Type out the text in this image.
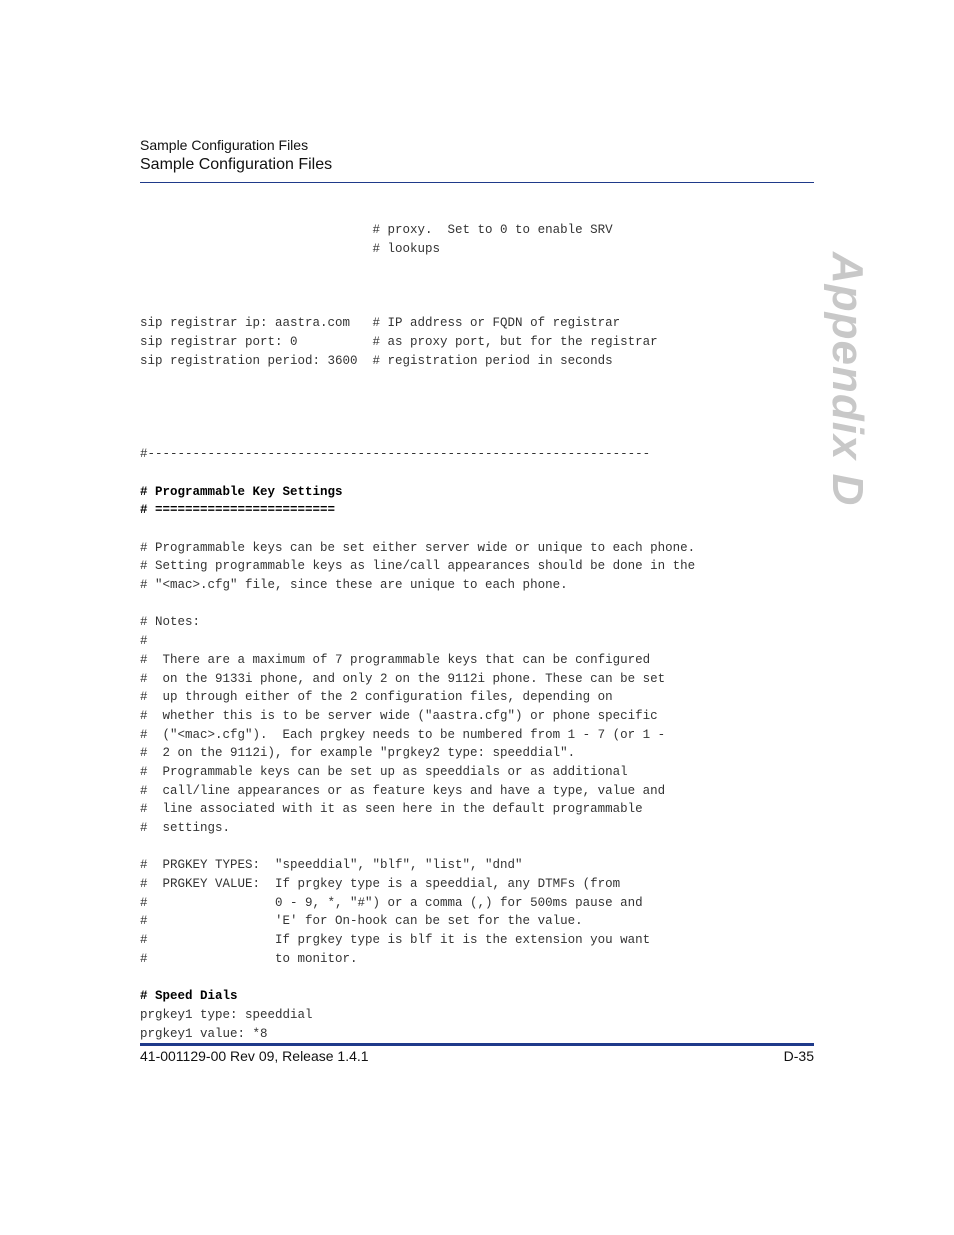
Sample Configuration Files
Sample Configuration Files
Appendix D
# proxy.  Set to 0 to enable SRV
# lookups
sip registrar ip: aastra.com   # IP address or FQDN of registrar
sip registrar port: 0          # as proxy port, but for the registrar
sip registration period: 3600  # registration period in seconds
#-------------------------------------------------------------------
# Programmable Key Settings
# ========================
# Programmable keys can be set either server wide or unique to each phone.
# Setting programmable keys as line/call appearances should be done in the
# "<mac>.cfg" file, since these are unique to each phone.
# Notes:
#
#  There are a maximum of 7 programmable keys that can be configured
#  on the 9133i phone, and only 2 on the 9112i phone. These can be set
#  up through either of the 2 configuration files, depending on
#  whether this is to be server wide ("aastra.cfg") or phone specific
#  ("<mac>.cfg").  Each prgkey needs to be numbered from 1 - 7 (or 1 -
#  2 on the 9112i), for example "prgkey2 type: speeddial".
#  Programmable keys can be set up as speeddials or as additional
#  call/line appearances or as feature keys and have a type, value and
#  line associated with it as seen here in the default programmable
#  settings.
#  PRGKEY TYPES:  "speeddial", "blf", "list", "dnd"
#  PRGKEY VALUE:  If prgkey type is a speeddial, any DTMFs (from
#                 0 - 9, *, "#") or a comma (,) for 500ms pause and
#                 'E' for On-hook can be set for the value.
#                 If prgkey type is blf it is the extension you want
#                 to monitor.
# Speed Dials
prgkey1 type: speeddial
prgkey1 value: *8
41-001129-00 Rev 09, Release 1.4.1	D-35
